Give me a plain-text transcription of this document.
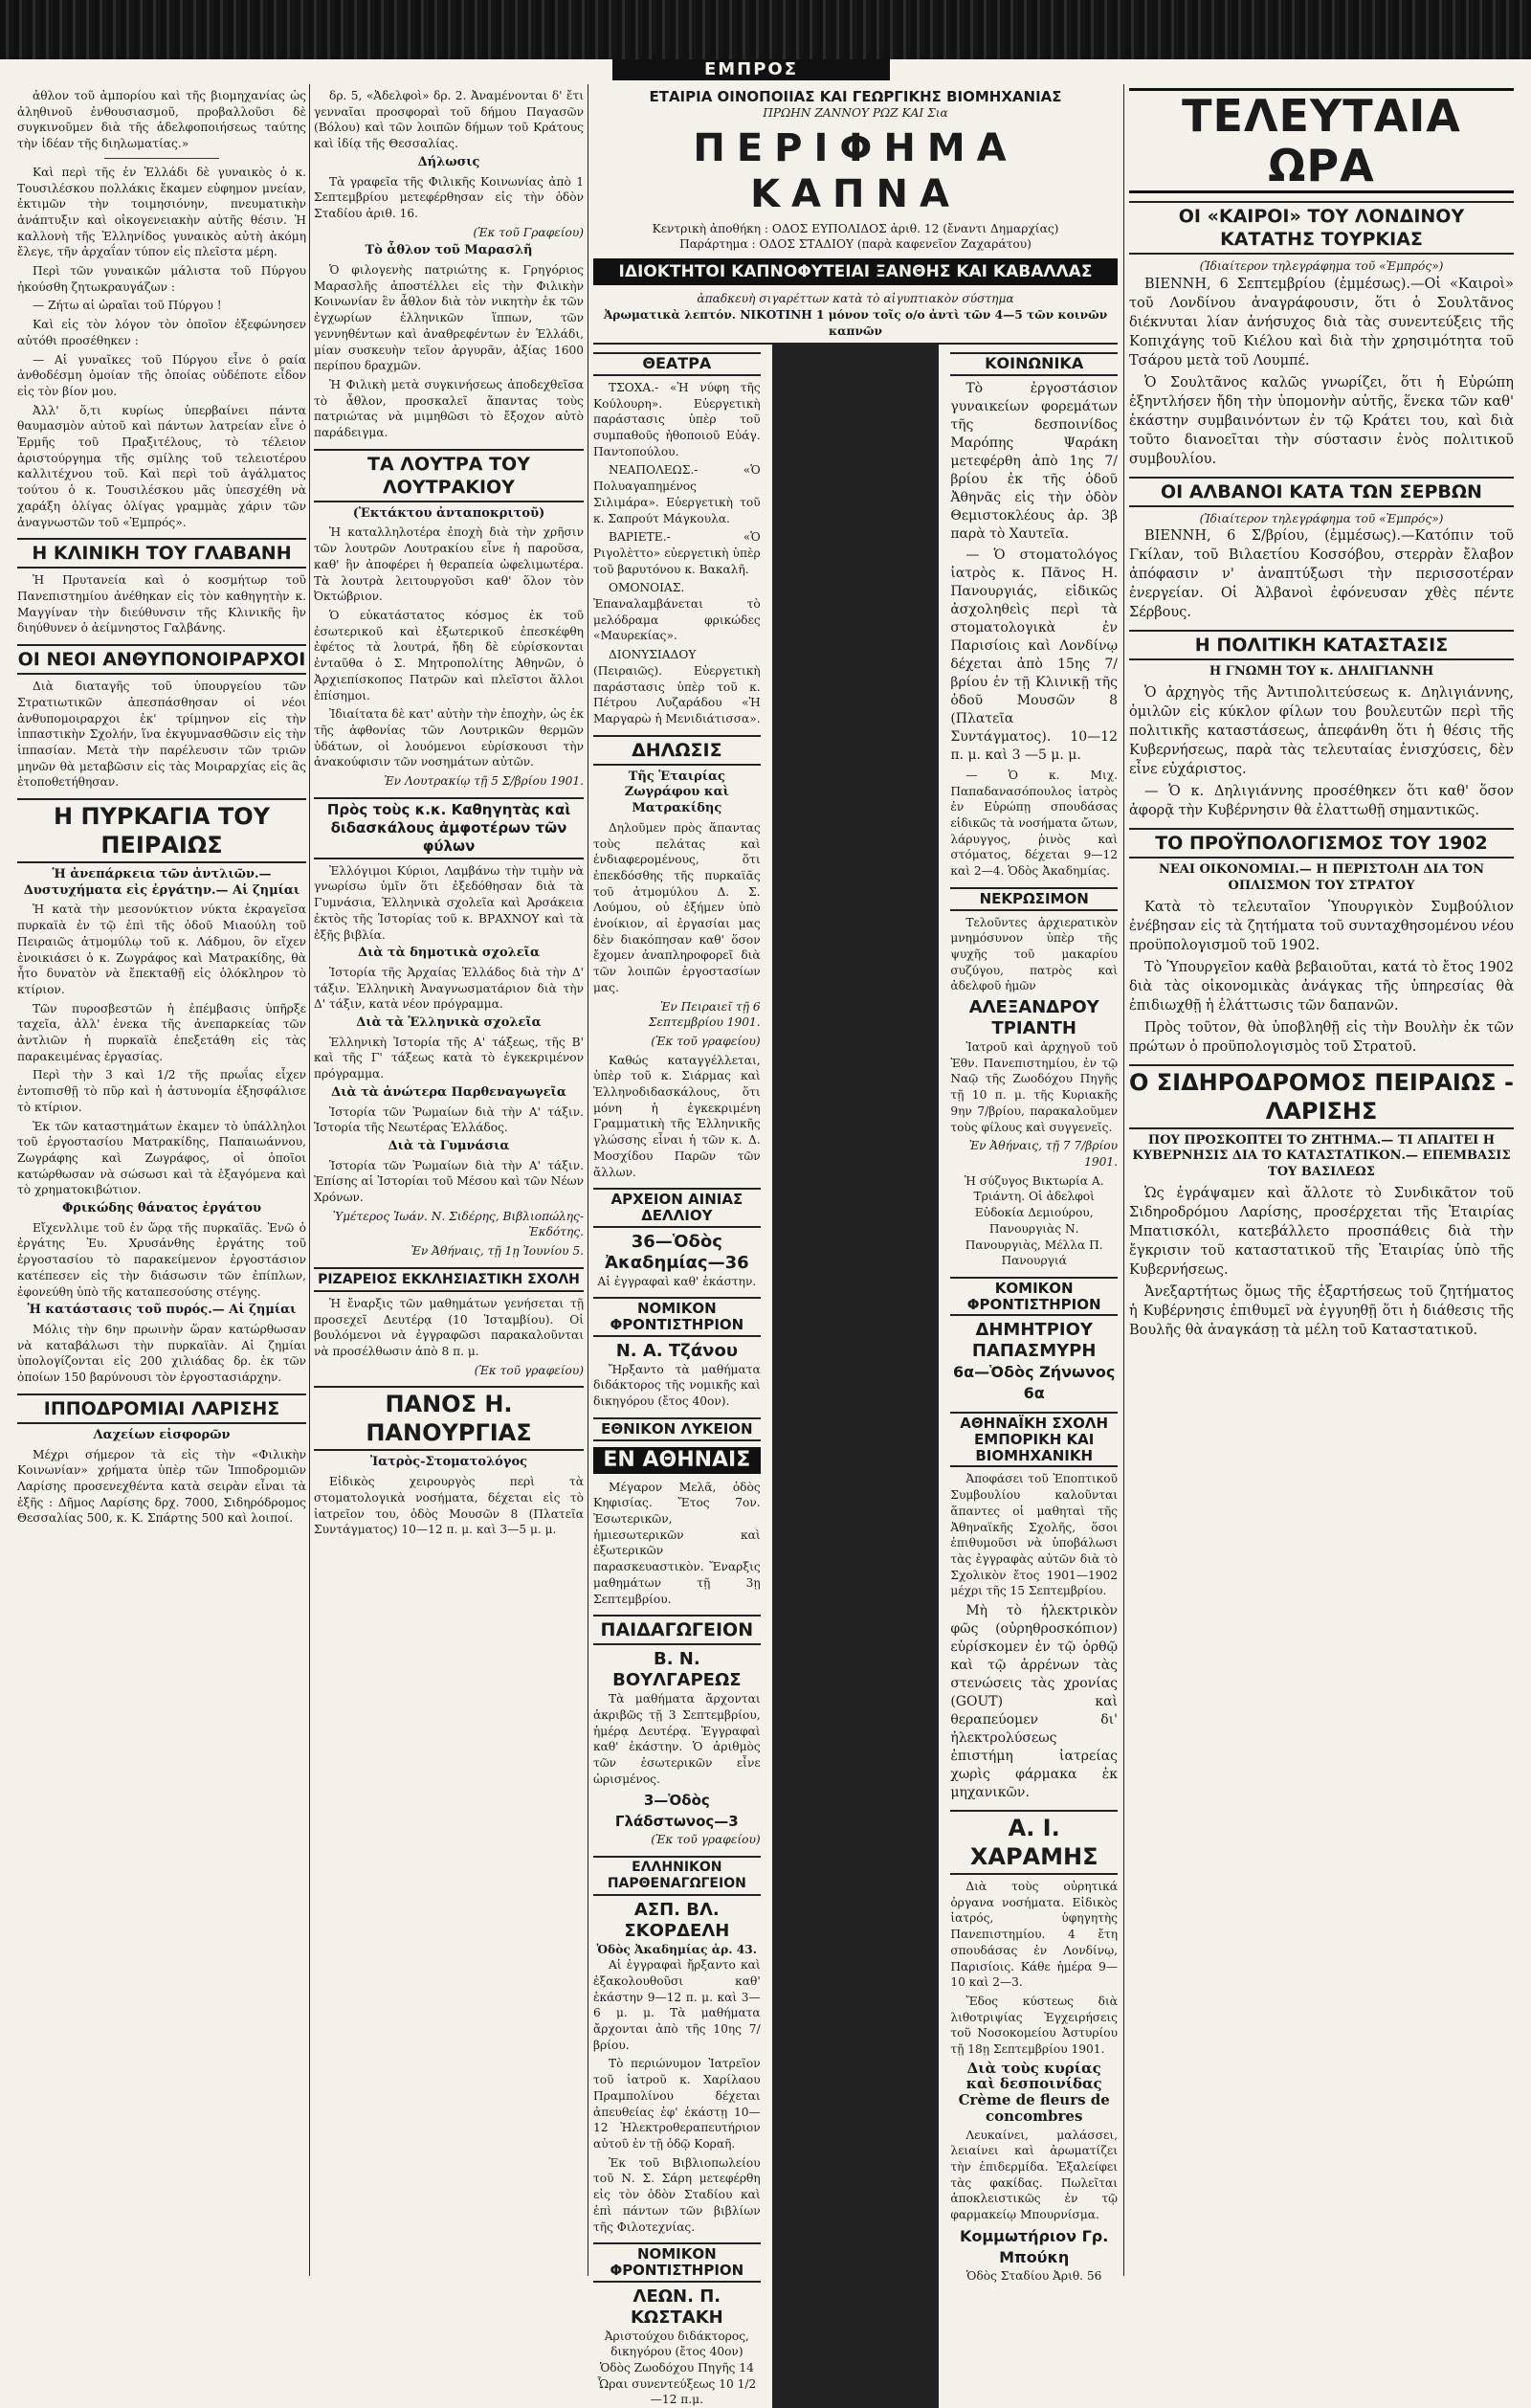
ΕΜΠΡΟΣ

ἀθλον τοῦ ἀμπορίου καὶ τῆς βιομηχανίας ὡς ἀληθινοῦ ἐνθουσιασμοῦ, προβαλλοῦσι δὲ συγκινοῦμεν διὰ τῆς ἀδελφοποιήσεως ταύτης τὴν ἰδέαν τῆς διηλωματίας.»

Καὶ περὶ τῆς ἐν Ἑλλάδι δὲ γυναικὸς ὁ κ. Τουσιλέσκου πολλάκις ἔκαμεν εὐφημον μνείαν, ἐκτιμῶν τὴν τοιμησιόνην, πνευματικὴν ἀνάπτυξιν καὶ οἰκογενειακὴν αὐτῆς θέσιν. Ἡ καλλονὴ τῆς Ἑλληνίδος γυναικὸς αὐτὴ ἀκόμη ἔλεγε, τῆν ἀρχαΐαν τύπον εἰς πλεῖστα μέρη.

Περὶ τῶν γυναικῶν μάλιστα τοῦ Πύργου ἠκούσθη ζητωκραυγάζων :

— Ζήτω αἱ ὡραῖαι τοῦ Πύργου !

Καὶ εἰς τὸν λόγον τὸν ὁποῖον ἐξεφώνησεν αὐτόθι προσέθηκεν :

— Αἱ γυναῖκες τοῦ Πύργου εἶνε ὁ ραία ἀνθοδέσμη ὁμοίαν τῆς ὁποίας οὐδέποτε εἶδον εἰς τὸν βίον μου.

Ἀλλ' ὅ,τι κυρίως ὑπερβαίνει πάντα θαυμασμὸν αὐτοῦ καὶ πάντων λατρείαν εἶνε ὁ Ἑρμῆς τοῦ Πραξιτέλους, τὸ τέλειον ἀριστούργημα τῆς σμίλης τοῦ τελειοτέρου καλλιτέχνου τοῦ. Καὶ περὶ τοῦ ἀγάλματος τούτου ὁ κ. Τουσιλέσκου μᾶς ὑπεσχέθη νὰ χαράξη ὀλίγας ὀλίγας γραμμὰς χάριν τῶν ἀναγνωστῶν τοῦ «Ἐμπρός».

Η ΚΛΙΝΙΚΗ ΤΟΥ ΓΛΑΒΑΝΗ

Ἡ Πρυτανεία καὶ ὁ κοσμήτωρ τοῦ Πανεπιστημίου ἀνέθηκαν εἰς τὸν καθηγητὴν κ. Μαγγίναν τὴν διεύθυνσιν τῆς Κλινικῆς ἣν διηύθυνεν ὁ ἀείμνηστος Γαλβάνης.

ΟΙ ΝΕΟΙ ΑΝΘΥΠΟΝΟΙΡΑΡΧΟΙ

Διὰ διαταγῆς τοῦ ὑπουργείου τῶν Στρατιωτικῶν ἀπεσπάσθησαν οἱ νέοι ἀνθυπομοιραρχοι ἐκ' τρίμηνον εἰς τὴν ἱππαστικὴν Σχολήν, ἵνα ἐκγυμνασθῶσιν εἰς τὴν ἱππασίαν. Μετὰ τὴν παρέλευσιν τῶν τριῶν μηνῶν θὰ μεταβῶσιν εἰς τὰς Μοιραρχίας εἰς ἃς ἐτοποθετήθησαν.

Η ΠΥΡΚΑΓΙΑ ΤΟΥ ΠΕΙΡΑΙΩΣ
Ἡ ἀνεπάρκεια τῶν ἀντλιῶν.— Δυστυχήματα εἰς ἐργάτην.— Αἱ ζημίαι

Ἡ κατὰ τὴν μεσονύκτιον νύκτα ἐκραγεῖσα πυρκαϊὰ ἐν τῷ ἐπὶ τῆς ὁδοῦ Μιαούλη τοῦ Πειραιῶς ἀτμομύλῳ τοῦ κ. Λάδμου, ὃν εἴχεν ἐνοικιάσει ὁ κ. Ζωγράφος καὶ Ματρακίδης, θὰ ἦτο δυνατὸν νὰ ἔπεκταθῇ εἰς ὁλόκληρον τὸ κτίριον.

Τῶν πυροσβεστῶν ἡ ἐπέμβασις ὑπῆρξε ταχεῖα, ἀλλ' ἐνεκα τῆς ἀνεπαρκείας τῶν ἀντλιῶν ἡ πυρκαϊὰ ἐπεξετάθη εἰς τὰς παρακειμένας ἐργασίας.

Περὶ τὴν 3 καὶ 1/2 τῆς πρωΐας εἶχεν ἐντοπισθῇ τὸ πῦρ καὶ ἡ ἀστυνομία ἐξησφάλισε τὸ κτίριον.

Ἐκ τῶν καταστημάτων ἐκαμεν τὸ ὑπάλληλοι τοῦ ἐργοστασίου Ματρακίδης, Παπαιωάννου, Ζωγράφης καὶ Ζωγράφος, οἱ ὁποῖοι κατώρθωσαν νὰ σώσωσι καὶ τὰ ἐξαγόμενα καὶ τὸ χρηματοκιβώτιον.

Φρικώδης θάνατος ἐργάτου

Εἴχενλλιμε τοῦ ἐν ὥρᾳ τῆς πυρκαϊᾶς. Ἐνῶ ὁ ἐργάτης Ἐυ. Χρυσάνθης ἐργάτης τοῦ ἐργοστασίου τὸ παρακείμενον ἐργοστάσιον κατέπεσεν εἰς τὴν διάσωσιν τῶν ἐπίπλων, ἐφονεύθη ὑπὸ τῆς καταπεσούσης στέγης.

Ἡ κατάστασις τοῦ πυρός.— Αἱ ζημίαι

Μόλις τὴν 6ην πρωινὴν ὥραν κατώρθωσαν νὰ καταβάλωσι τὴν πυρκαϊὰν. Αἱ ζημίαι ὑπολογίζονται εἰς 200 χιλιάδας δρ. ἐκ τῶν ὁποίων 150 βαρύνουσι τὸν ἐργοστασιάρχην.

ΙΠΠΟΔΡΟΜΙΑΙ ΛΑΡΙΣΗΣ
Λαχείων εἰσφορῶν

Μέχρι σήμερον τὰ εἰς τὴν «Φιλικὴν Κοινωνίαν» χρήματα ὑπὲρ τῶν Ἱπποδρομιῶν Λαρίσης προσενεχθέντα κατὰ σειρὰν εἶναι τὰ ἑξῆς : Δῆμος Λαρίσης δρχ. 7000, Σιδηρόδρομος Θεσσαλίας 500, κ. Κ. Σπάρτης 500 καὶ λοιποί.

δρ. 5, «Ἀδελφοὶ» δρ. 2. Ἀναμένονται δ' ἔτι γενναῖαι προσφοραὶ τοῦ δήμου Παγασῶν (Βόλου) καὶ τῶν λοιπῶν δήμων τοῦ Κράτους καὶ ἰδίᾳ τῆς Θεσσαλίας.

Δήλωσις

Τὰ γραφεῖα τῆς Φιλικῆς Κοινωνίας ἀπὸ 1 Σεπτεμβρίου μετεφέρθησαν εἰς τὴν ὁδὸν Σταδίου ἀριθ. 16.

(Ἐκ τοῦ Γραφείου)

Τὸ ἆθλον τοῦ Μαρασλῆ

Ὁ φιλογενὴς πατριώτης κ. Γρηγόριος Μαρασλῆς ἀποστέλλει εἰς τὴν Φιλικὴν Κοινωνίαν ἓν ἆθλον διὰ τὸν νικητὴν ἐκ τῶν ἐγχωρίων ἑλληνικῶν ἵππων, τῶν γεννηθέντων καὶ ἀναθρεφέντων ἐν Ἑλλάδι, μίαν συσκευὴν τεῖον ἀργυρᾶν, ἀξίας 1600 περίπου δραχμῶν.

Ἡ Φιλικὴ μετὰ συγκινήσεως ἀποδεχθεῖσα τὸ ἆθλον, προσκαλεῖ ἅπαντας τοὺς πατριώτας νὰ μιμηθῶσι τὸ ἔξοχον αὐτὸ παράδειγμα.

ΤΑ ΛΟΥΤΡΑ ΤΟΥ ΛΟΥΤΡΑΚΙΟΥ
(Ἐκτάκτου ἀνταποκριτοῦ)

Ἡ καταλληλοτέρα ἐποχὴ διὰ τὴν χρῆσιν τῶν λουτρῶν Λουτρακίου εἶνε ἡ παροῦσα, καθ' ἣν ἀποφέρει ἡ θεραπεία ὠφελιμωτέρα. Τὰ λουτρὰ λειτουργοῦσι καθ' ὅλον τὸν Ὀκτώβριον.

Ὁ εὐκατάστατος κόσμος ἐκ τοῦ ἐσωτερικοῦ καὶ ἐξωτερικοῦ ἐπεσκέφθη ἐφέτος τὰ λουτρά, ἤδη δὲ εὑρίσκονται ἐνταῦθα ὁ Σ. Μητροπολίτης Ἀθηνῶν, ὁ Ἀρχιεπίσκοπος Πατρῶν καὶ πλεῖστοι ἄλλοι ἐπίσημοι.

Ἰδιαίτατα δὲ κατ' αὐτὴν τὴν ἐποχὴν, ὡς ἐκ τῆς ἀφθονίας τῶν Λουτρικῶν θερμῶν ὑδάτων, οἱ λουόμενοι εὑρίσκουσι τὴν ἀνακούφισιν τῶν νοσημάτων αὐτῶν.

Ἐν Λουτρακίῳ τῇ 5 Σ/βρίου 1901.

Πρὸς τοὺς κ.κ. Καθηγητὰς καὶ διδασκάλους ἀμφοτέρων τῶν φύλων

Ἐλλόγιμοι Κύριοι, Λαμβάνω τὴν τιμὴν νὰ γνωρίσω ὑμῖν ὅτι ἐξεδόθησαν διὰ τὰ Γυμνάσια, Ἑλληνικὰ σχολεῖα καὶ Ἀρσάκεια ἐκτὸς τῆς Ἱστορίας τοῦ κ. ΒΡΑΧΝΟΥ καὶ τὰ ἑξῆς βιβλία.

Διὰ τὰ δημοτικὰ σχολεῖα

Ἱστορία τῆς Ἀρχαίας Ἑλλάδος διὰ τὴν Δ' τάξιν. Ἑλληνικὴ Ἀναγνωσματάριον διὰ τὴν Δ' τάξιν, κατὰ νέον πρόγραμμα.

Διὰ τὰ Ἑλληνικὰ σχολεῖα

Ἑλληνικὴ Ἱστορία τῆς Α' τάξεως, τῆς Β' καὶ τῆς Γ' τάξεως κατὰ τὸ ἐγκεκριμένον πρόγραμμα.

Διὰ τὰ ἀνώτερα Παρθεναγωγεῖα

Ἱστορία τῶν Ῥωμαίων διὰ τὴν Α' τάξιν. Ἱστορία τῆς Νεωτέρας Ἑλλάδος.

Διὰ τὰ Γυμνάσια

Ἱστορία τῶν Ῥωμαίων διὰ τὴν Α' τάξιν. Ἐπίσης αἱ Ἱστορίαι τοῦ Μέσου καὶ τῶν Νέων Χρόνων.

Ὑμέτερος Ἰωάν. Ν. Σιδέρης, Βιβλιοπώλης-Ἐκδότης.

Ἐν Ἀθήναις, τῇ 1ῃ Ἰουνίου 5.

ΡΙΖΑΡΕΙΟΣ ΕΚΚΛΗΣΙΑΣΤΙΚΗ ΣΧΟΛΗ

Ἡ ἔναρξις τῶν μαθημάτων γενήσεται τῇ προσεχεῖ Δευτέρᾳ (10 Ἰσταμβίου). Οἱ βουλόμενοι νὰ ἐγγραφῶσι παρακαλοῦνται νὰ προσέλθωσιν ἀπὸ 8 π. μ.

(Ἐκ τοῦ γραφείου)

ΠΑΝΟΣ Η. ΠΑΝΟΥΡΓΙΑΣ
Ἰατρὸς-Στοματολόγος

Εἰδικὸς χειρουργὸς περὶ τὰ στοματολογικὰ νοσήματα, δέχεται εἰς τὸ ἰατρεῖον του, ὁδὸς Μουσῶν 8 (Πλατεῖα Συντάγματος) 10—12 π. μ. καὶ 3—5 μ. μ.

ΕΤΑΙΡΙΑ ΟΙΝΟΠΟΙΙΑΣ ΚΑΙ ΓΕΩΡΓΙΚΗΣ ΒΙΟΜΗΧΑΝΙΑΣ
ΠΡΩΗΝ ΖΑΝΝΟΥ ΡΩΖ ΚΑΙ Σια
ΠΕΡΙΦΗΜΑ ΚΑΠΝΑ
Κεντρικὴ ἀποθήκη : ΟΔΟΣ ΕΥΠΟΛΙΔΟΣ ἀριθ. 12 (ἔναντι Δημαρχίας)
Παράρτημα : ΟΔΟΣ ΣΤΑΔΙΟΥ (παρὰ καφενεῖον Ζαχαράτου)
ΙΔΙΟΚΤΗΤΟΙ ΚΑΠΝΟΦΥΤΕΙΑΙ ΞΑΝΘΗΣ ΚΑΙ ΚΑΒΑΛΛΑΣ
ἀπαδκευὴ σιγαρέττων κατὰ τὸ αἰγυπτιακὸν σύστημα
Ἀρωματικὰ λεπτόν. ΝΙΚΟΤΙΝΗ 1 μόνον τοῖς ο/ο ἀντὶ τῶν 4—5 τῶν κοινῶν καπνῶν
ΘΕΑΤΡΑ

ΤΣΟΧΑ.- «Ἡ νύφη τῆς Κούλουρη». Εὐεργετικὴ παράστασις ὑπὲρ τοῦ συμπαθοῦς ἠθοποιοῦ Εὐάγ. Παντοπούλου.

ΝΕΑΠΟΛΕΩΣ.- «Ὁ Πολυαγαπημένος Σιλιμάρα». Εὐεργετικὴ τοῦ κ. Σαπρούτ Μάγκουλα.

ΒΑΡΙΕΤΕ.- «Ὁ Ριγολὲττο» εὐεργετικὴ ὑπὲρ τοῦ βαρυτόνου κ. Βακαλῆ.

ΟΜΟΝΟΙΑΣ. Ἐπαναλαμβάνεται τὸ μελόδραμα φρικώδες «Μαυρεκίας».

ΔΙΟΝΥΣΙΑΔΟΥ (Πειραιῶς). Εὐεργετικὴ παράστασις ὑπὲρ τοῦ κ. Πέτρου Λυζαράδου «Ἡ Μαργαρὼ ἡ Μενιδιάτισσα».

ΔΗΛΩΣΙΣ
Τῆς Ἑταιρίας Ζωγράφου καὶ Ματρακίδης

Δηλοῦμεν πρὸς ἅπαντας τοὺς πελάτας καὶ ἐνδιαφερομένους, ὅτι ἐπεκδόσθης τῆς πυρκαϊᾶς τοῦ ἀτμομύλου Δ. Σ. Λούμου, οὐ ἐξήμεν ὑπὸ ἐνοίκιον, αἱ ἐργασίαι μας δὲν διακόπησαν καθ' ὅσον ἔχομεν ἀναπληροφορεῖ διὰ τῶν λοιπῶν ἐργοστασίων μας.

Ἐν Πειραιεῖ τῇ 6 Σεπτεμβρίου 1901.

(Ἐκ τοῦ γραφείου)

Καθώς καταγγέλλεται, ὑπὲρ τοῦ κ. Σιάρμας καὶ Ἑλληνοδιδασκάλους, ὅτι μόνη ἡ ἐγκεκριμένη Γραμματικὴ τῆς Ἑλληνικῆς γλώσσης εἶναι ἡ τῶν κ. Δ. Μοσχίδου Παρῶν τῶν ἄλλων.

ΑΡΧΕΙΟΝ ΑΙΝΙΑΣ ΔΕΛΛΙΟΥ
36—Ὁδὸς Ἀκαδημίας—36
Αἱ ἐγγραφαὶ καθ' ἑκάστην.
ΝΟΜΙΚΟΝ ΦΡΟΝΤΙΣΤΗΡΙΟΝ
Ν. Α. Τζάνου

Ἤρξαντο τὰ μαθήματα διδάκτορος τῆς νομικῆς καὶ δικηγόρου (ἔτος 40ον).

ΕΘΝΙΚΟΝ ΛΥΚΕΙΟΝ
ΕΝ ΑΘΗΝΑΙΣ

Μέγαρον Μελᾶ, ὁδὸς Κηφισίας. Ἔτος 7ον. Ἐσωτερικῶν, ἡμιεσωτερικῶν καὶ ἐξωτερικῶν παρασκευαστικὸν. Ἔναρξις μαθημάτων τῇ 3ῃ Σεπτεμβρίου.

ΠΑΙΔΑΓΩΓΕΙΟΝ
Β. Ν. ΒΟΥΛΓΑΡΕΩΣ

Τὰ μαθήματα ἄρχονται ἀκριβῶς τῇ 3 Σεπτεμβρίου, ἡμέρᾳ Δευτέρᾳ. Ἐγγραφαὶ καθ' ἑκάστην. Ὁ ἀριθμὸς τῶν ἐσωτερικῶν εἶνε ὡρισμένος.

3—Ὁδὸς Γλάδστωνος—3

(Ἐκ τοῦ γραφείου)

ΕΛΛΗΝΙΚΟΝ ΠΑΡΘΕΝΑΓΩΓΕΙΟΝ
ΑΣΠ. ΒΛ. ΣΚΟΡΔΕΛΗ
Ὁδὸς Ἀκαδημίας ἀρ. 43.

Αἱ ἐγγραφαὶ ἤρξαντο καὶ ἐξακολουθοῦσι καθ' ἑκάστην 9—12 π. μ. καὶ 3—6 μ. μ. Τὰ μαθήματα ἄρχονται ἀπὸ τῆς 10ης 7/βρίου.

Τὸ περιώνυμον Ἰατρεῖον τοῦ ἰατροῦ κ. Χαρίλαου Πραμπολίνου δέχεται ἀπευθείας ἐφ' ἑκάστῃ 10—12 Ἠλεκτροθεραπευτήριον αὐτοῦ ἐν τῇ ὁδῷ Κοραῆ.

Ἐκ τοῦ Βιβλιοπωλείου τοῦ Ν. Σ. Σάρη μετεφέρθη εἰς τὸν ὁδὸν Σταδίου καὶ ἐπὶ πάντων τῶν βιβλίων τῆς Φιλοτεχνίας.

ΝΟΜΙΚΟΝ ΦΡΟΝΤΙΣΤΗΡΙΟΝ
ΛΕΩΝ. Π. ΚΩΣΤΑΚΗ
Ἀριστούχου διδάκτορος, δικηγόρου (ἔτος 40ον)
Ὁδὸς Ζωοδόχου Πηγῆς 14
Ὧραι συνεντεύξεως 10 1/2—12 π.μ.
ΚΟΙΝΩΝΙΚΑ

Τὸ ἐργοστάσιον γυναικείων φορεμάτων τῆς δεσποινίδος Μαρόπης Ψαράκη μετεφέρθη ἀπὸ 1ης 7/βρίου ἐκ τῆς ὁδοῦ Ἀθηνᾶς εἰς τὴν ὁδὸν Θεμιστοκλέους ἀρ. 3β παρὰ τὸ Χαυτεῖα.

— Ὁ στοματολόγος ἰατρὸς κ. Πᾶνος Η. Πανουργιάς, εἰδικῶς ἀσχοληθεὶς περὶ τὰ στοματολογικὰ ἐν Παρισίοις καὶ Λονδίνῳ δέχεται ἀπὸ 15ης 7/βρίου ἐν τῇ Κλινικῇ τῆς ὁδοῦ Μουσῶν 8 (Πλατεῖα Συντάγματος). 10—12 π. μ. καὶ 3 —5 μ. μ.

— Ὁ κ. Μιχ. Παπαδανασόπουλος ἰατρὸς ἐν Εὐρώπῃ σπουδάσας εἰδικῶς τὰ νοσήματα ὤτων, λάρυγγος, ῥινὸς καὶ στόματος, δέχεται 9—12 καὶ 2—4. Ὁδὸς Ἀκαδημίας.

ΝΕΚΡΩΣΙΜΟΝ

Τελοῦντες ἀρχιερατικὸν μνημόσυνον ὑπὲρ τῆς ψυχῆς τοῦ μακαρίου συζύγου, πατρὸς καὶ ἀδελφοῦ ἡμῶν

ΑΛΕΞΑΝΔΡΟΥ ΤΡΙΑΝΤΗ

Ἰατροῦ καὶ ἀρχηγοῦ τοῦ Ἐθν. Πανεπιστημίου, ἐν τῷ Ναῷ τῆς Ζωοδόχου Πηγῆς τῇ 10 π. μ. τῆς Κυριακῆς 9ην 7/βρίου, παρακαλοῦμεν τοὺς φίλους καὶ συγγενεῖς.

Ἐν Ἀθήναις, τῇ 7 7/βρίου 1901.

Ἡ σύζυγος Βικτωρία Α. Τριάντη. Οἱ ἀδελφοὶ Εὐδοκία Δεμιούρου, Πανουργιὰς Ν. Πανουργιὰς, Μέλλα Π. Πανουργιά

ΚΟΜΙΚΟΝ ΦΡΟΝΤΙΣΤΗΡΙΟΝ
ΔΗΜΗΤΡΙΟΥ ΠΑΠΑΣΜΥΡΗ
6α—Ὁδὸς Ζήνωνος 6α
ΑΘΗΝΑΪΚΗ ΣΧΟΛΗ ΕΜΠΟΡΙΚΗ ΚΑΙ ΒΙΟΜΗΧΑΝΙΚΗ

Ἀποφάσει τοῦ Ἐποπτικοῦ Συμβουλίου καλοῦνται ἅπαντες οἱ μαθηταὶ τῆς Ἀθηναϊκῆς Σχολῆς, ὅσοι ἐπιθυμοῦσι νὰ ὑποβάλωσι τὰς ἐγγραφὰς αὐτῶν διὰ τὸ Σχολικὸν ἔτος 1901—1902 μέχρι τῆς 15 Σεπτεμβρίου.

Μὴ τὸ ἠλεκτρικὸν φῶς (οὐρηθροσκόπιον) εὑρίσκομεν ἐν τῷ ὀρθῷ καὶ τῷ ἀρρένων τὰς στενώσεις τὰς χρονίας (GOUT) καὶ θεραπεύομεν δι' ἠλεκτρολύσεως ἐπιστήμη ἰατρείας χωρὶς φάρμακα ἐκ μηχανικῶν.

Α. Ι. ΧΑΡΑΜΗΣ

Διὰ τοὺς οὐρητικά ὀργανα νοσήματα. Εἰδικὸς ἰατρός, ὑφηγητὴς Πανεπιστημίου. 4 ἔτη σπουδάσας ἐν Λονδίνῳ, Παρισίοις. Κάθε ἡμέρα 9—10 καὶ 2—3.

Ἔδος κύστεως διὰ λιθοτριψίας Ἐγχειρήσεις τοῦ Νοσοκομείου Ἀστυρίου τῇ 18ῃ Σεπτεμβρίου 1901.

Διὰ τοὺς κυρίας καὶ δεσποινίδας Crème de fleurs de concombres

Λευκαίνει, μαλάσσει, λειαίνει καὶ ἀρωματίζει τὴν ἐπιδερμίδα. Ἐξαλείφει τὰς φακίδας. Πωλεῖται ἀποκλειστικῶς ἐν τῷ φαρμακείῳ Μπουρνίσμα.

Κομμωτήριον Γρ. Μπούκη
Ὁδὸς Σταδίου Ἀριθ. 56
ΤΕΛΕΥΤΑΙΑ ΩΡΑ
ΟΙ «ΚΑΙΡΟΙ» ΤΟΥ ΛΟΝΔΙΝΟΥ ΚΑΤΑΤΗΣ ΤΟΥΡΚΙΑΣ
(Ἰδιαίτερον τηλεγράφημα τοῦ «Ἐμπρός»)

ΒΙΕΝΝΗ, 6 Σεπτεμβρίου (ἐμμέσως).—Οἱ «Καιροὶ» τοῦ Λονδίνου ἀναγράφουσιν, ὅτι ὁ Σουλτᾶνος διέκνυται λίαν ἀνήσυχος διὰ τὰς συνεντεύξεις τῆς Κοπιχάγης τοῦ Κιέλου καὶ διὰ τὴν χρησιμότητα τοῦ Τσάρου μετὰ τοῦ Λουμπέ.

Ὁ Σουλτᾶνος καλῶς γνωρίζει, ὅτι ἡ Εὐρώπη ἐξηντλήσεν ἤδη τὴν ὑπομονὴν αὐτῆς, ἕνεκα τῶν καθ' ἑκάστην συμβαινόντων ἐν τῷ Κράτει του, καὶ διὰ τοῦτο διανοεῖται τὴν σύστασιν ἑνὸς πολιτικοῦ συμβουλίου.

ΟΙ ΑΛΒΑΝΟΙ ΚΑΤΑ ΤΩΝ ΣΕΡΒΩΝ
(Ἰδιαίτερον τηλεγράφημα τοῦ «Ἐμπρός»)

ΒΙΕΝΝΗ, 6 Σ/βρίου, (ἐμμέσως).—Κατόπιν τοῦ Γκίλαν, τοῦ Βιλαετίου Κοσσόβου, στερρὰν ἔλαβον ἀπόφασιν ν' ἀναπτύξωσι τὴν περισσοτέραν ἐνεργείαν. Οἱ Ἀλβανοὶ ἐφόνευσαν χθὲς πέντε Σέρβους.

Η ΠΟΛΙΤΙΚΗ ΚΑΤΑΣΤΑΣΙΣ
Η ΓΝΩΜΗ ΤΟΥ κ. ΔΗΛΙΓΙΑΝΝΗ

Ὁ ἀρχηγὸς τῆς Ἀντιπολιτεύσεως κ. Δηλιγιάννης, ὁμιλῶν εἰς κύκλον φίλων του βουλευτῶν περὶ τῆς πολιτικῆς καταστάσεως, ἀπεφάνθη ὅτι ἡ θέσις τῆς Κυβερνήσεως, παρὰ τὰς τελευταίας ἐνισχύσεις, δὲν εἶνε εὐχάριστος.

— Ὁ κ. Δηλιγιάννης προσέθηκεν ὅτι καθ' ὅσον ἀφορᾷ τὴν Κυβέρνησιν θὰ ἐλαττωθῇ σημαντικῶς.

ΤΟ ΠΡΟΫΠΟΛΟΓΙΣΜΟΣ ΤΟΥ 1902
ΝΕΑΙ ΟΙΚΟΝΟΜΙΑΙ.— Η ΠΕΡΙΣΤΟΛΗ ΔΙΑ ΤΟΝ ΟΠΛΙΣΜΟΝ ΤΟΥ ΣΤΡΑΤΟΥ

Κατὰ τὸ τελευταῖον Ὑπουργικὸν Συμβούλιον ἐνέβησαν εἰς τὰ ζητήματα τοῦ συνταχθησομένου νέου προϋπολογισμοῦ τοῦ 1902.

Τὸ Ὑπουργεῖον καθὰ βεβαιοῦται, κατά τὸ ἔτος 1902 διὰ τὰς οἰκονομικὰς ἀνάγκας τῆς ὑπηρεσίας θὰ ἐπιδιωχθῇ ἡ ἐλάττωσις τῶν δαπανῶν.

Πρὸς τοῦτον, θὰ ὑποβληθῇ εἰς τὴν Βουλὴν ἐκ τῶν πρώτων ὁ προϋπολογισμὸς τοῦ Στρατοῦ.

Ο ΣΙΔΗΡΟΔΡΟΜΟΣ ΠΕΙΡΑΙΩΣ - ΛΑΡΙΣΗΣ
ΠΟΥ ΠΡΟΣΚΟΠΤΕΙ ΤΟ ΖΗΤΗΜΑ.— ΤΙ ΑΠΑΙΤΕΙ Η ΚΥΒΕΡΝΗΣΙΣ ΔΙΑ ΤΟ ΚΑΤΑΣΤΑΤΙΚΟΝ.— ΕΠΕΜΒΑΣΙΣ ΤΟΥ ΒΑΣΙΛΕΩΣ

Ὡς ἐγράψαμεν καὶ ἄλλοτε τὸ Συνδικᾶτον τοῦ Σιδηροδρόμου Λαρίσης, προσέρχεται τῆς Ἑταιρίας Μπατισκόλι, κατεβάλλετο προσπάθεις διὰ τὴν ἔγκρισιν τοῦ καταστατικοῦ τῆς Ἑταιρίας ὑπὸ τῆς Κυβερνήσεως.

Ἀνεξαρτήτως ὅμως τῆς ἐξαρτήσεως τοῦ ζητήματος ἡ Κυβέρνησις ἐπιθυμεῖ νὰ ἐγγυηθῇ ὅτι ἡ διάθεσις τῆς Βουλῆς θὰ ἀναγκάσῃ τὰ μέλη τοῦ Καταστατικοῦ.
